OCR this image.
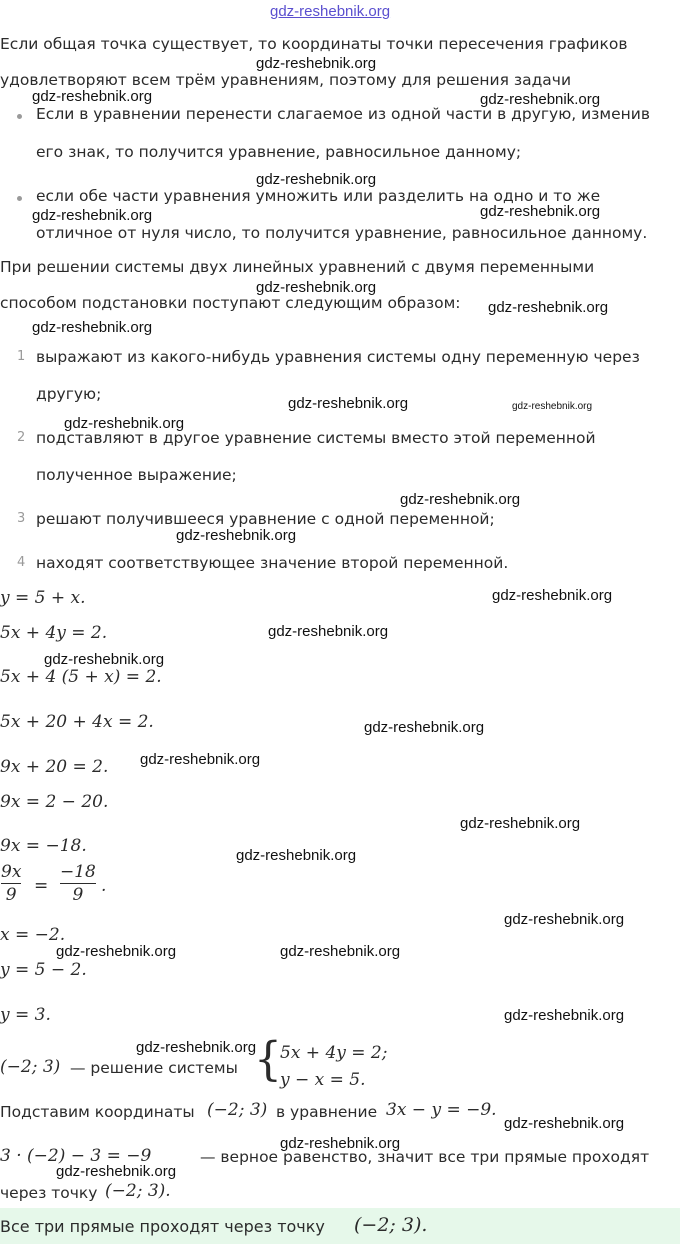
gdz-reshebnik.org
Если общая точка существует, то координаты точки пересечения графиков
удовлетворяют всем трём уравнениям, поэтому для решения задачи
Если в уравнении перенести слагаемое из одной части в другую, изменив
его знак, то получится уравнение, равносильное данному;
если обе части уравнения умножить или разделить на одно и то же
отличное от нуля число, то получится уравнение, равносильное данному.
При решении системы двух линейных уравнений с двумя переменными
способом подстановки поступают следующим образом:
1 выражают из какого-нибудь уравнения системы одну переменную через
другую;
2 подставляют в другое уравнение системы вместо этой переменной
полученное выражение;
3 решают получившееся уравнение с одной переменной;
4 находят соответствующее значение второй переменной.
y = 5 + x.
5x + 4y = 2.
5x + 4 (5 + x) = 2.
5x + 20 + 4x = 2.
9x + 20 = 2.
9x = 2 − 20.
9x = −18.
9x
9 =
−18
9 .
x = −2.
y = 5 − 2.
y = 3.
(−2; 3) — решение системы {
5x + 4y = 2;
y − x = 5.
Подставим координаты (−2; 3) в уравнение 3x − y = −9.
3 · (−2) − 3 = −9	— верное равенство, значит все три прямые проходят
через точку (−2; 3).
Все три прямые проходят через точку (−2; 3).
gdz-reshebnik.org
gdz-reshebnik.org	gdz-reshebnik.org
gdz-reshebnik.org
gdz-reshebnik.org	gdz-reshebnik.org
gdz-reshebnik.org
gdz-reshebnik.org
gdz-reshebnik.org
gdz-reshebnik.org	gdz-reshebnik.org
gdz-reshebnik.org
gdz-reshebnik.org
gdz-reshebnik.org
gdz-reshebnik.org
gdz-reshebnik.org
gdz-reshebnik.org
gdz-reshebnik.org
gdz-reshebnik.org
gdz-reshebnik.org
gdz-reshebnik.org
gdz-reshebnik.org
gdz-reshebnik.org	gdz-reshebnik.org
gdz-reshebnik.org
gdz-reshebnik.org
gdz-reshebnik.org
gdz-reshebnik.org
gdz-reshebnik.org
